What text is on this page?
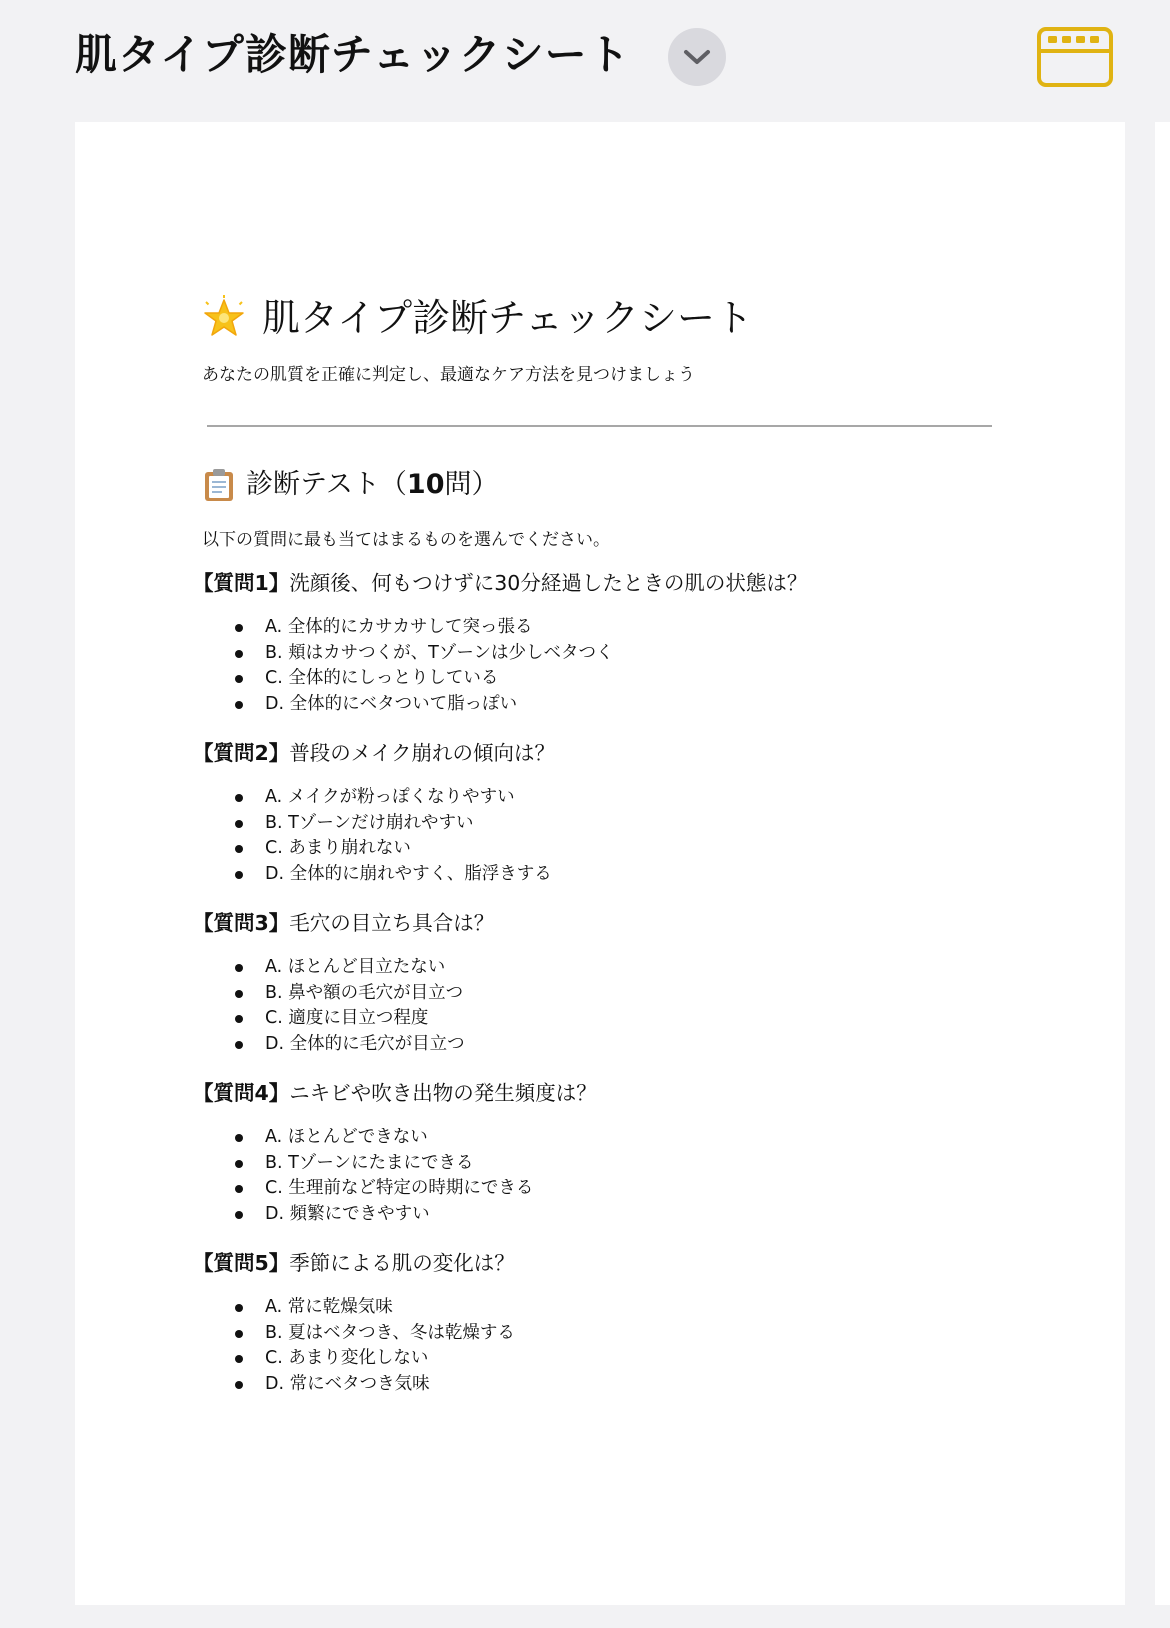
肌タイプ診断チェックシート
肌タイプ診断チェックシート
あなたの肌質を正確に判定し、最適なケア方法を見つけましょう
診断テスト（ 10 問）
以下の質問に最も当てはまるものを選んでください。
【質問1】洗顔後、何もつけずに30分経過したときの肌の状態は？
A. 全体的にカサカサして突っ張る
B. 頬はカサつくが、Tゾーンは少しベタつく
C. 全体的にしっとりしている
D. 全体的にベタついて脂っぽい
【質問2】普段のメイク崩れの傾向は？
A. メイクが粉っぽくなりやすい
B. Tゾーンだけ崩れやすい
C. あまり崩れない
D. 全体的に崩れやすく、脂浮きする
【質問3】毛穴の目立ち具合は？
A. ほとんど目立たない
B. 鼻や額の毛穴が目立つ
C. 適度に目立つ程度
D. 全体的に毛穴が目立つ
【質問4】ニキビや吹き出物の発生頻度は？
A. ほとんどできない
B. Tゾーンにたまにできる
C. 生理前など特定の時期にできる
D. 頻繁にできやすい
【質問5】季節による肌の変化は？
A. 常に乾燥気味
B. 夏はベタつき、冬は乾燥する
C. あまり変化しない
D. 常にベタつき気味
